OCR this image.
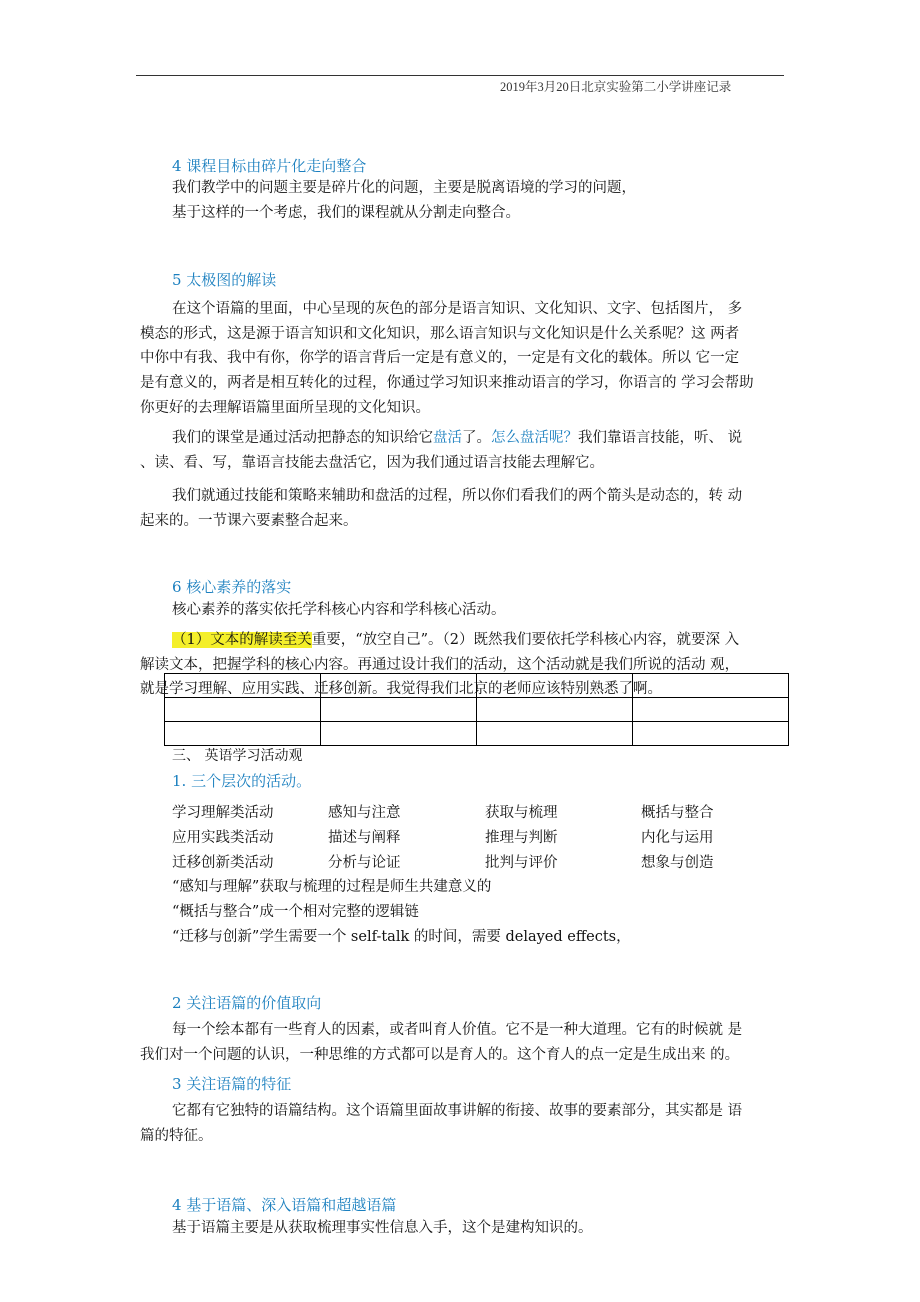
2019年3月20日北京实验第二小学讲座记录
4 课程目标由碎片化走向整合
我们教学中的问题主要是碎片化的问题，主要是脱离语境的学习的问题，
基于这样的一个考虑，我们的课程就从分割走向整合。
5 太极图的解读
在这个语篇的里面，中心呈现的灰色的部分是语言知识、文化知识、文字、包括图片， 多
模态的形式，这是源于语言知识和文化知识，那么语言知识与文化知识是什么关系呢？这 两者
中你中有我、我中有你，你学的语言背后一定是有意义的，一定是有文化的载体。所以 它一定
是有意义的，两者是相互转化的过程，你通过学习知识来推动语言的学习，你语言的 学习会帮助
你更好的去理解语篇里面所呈现的文化知识。
我们的课堂是通过活动把静态的知识给它盘活了。怎么盘活呢？我们靠语言技能，听、 说
、读、看、写，靠语言技能去盘活它，因为我们通过语言技能去理解它。
我们就通过技能和策略来辅助和盘活的过程，所以你们看我们的两个箭头是动态的，转 动
起来的。一节课六要素整合起来。
6 核心素养的落实
核心素养的落实依托学科核心内容和学科核心活动。
（1）文本的解读至关重要，“放空自己”。（2）既然我们要依托学科核心内容，就要深 入
解读文本，把握学科的核心内容。再通过设计我们的活动，这个活动就是我们所说的活动 观，

就是学习理解、应用实践、迁移创新。我觉得我们北京的老师应该特别熟悉了啊。
三、 英语学习活动观
1. 三个层次的活动。
学习理解类活动	感知与注意	获取与梳理	概括与整合
应用实践类活动	描述与阐释	推理与判断	内化与运用
迁移创新类活动	分析与论证	批判与评价	想象与创造
“感知与理解”获取与梳理的过程是师生共建意义的
“概括与整合”成一个相对完整的逻辑链
“迁移与创新”学生需要一个 self-talk 的时间，需要 delayed effects，
2 关注语篇的价值取向
每一个绘本都有一些育人的因素，或者叫育人价值。它不是一种大道理。它有的时候就 是
我们对一个问题的认识，一种思维的方式都可以是育人的。这个育人的点一定是生成出来 的。
3 关注语篇的特征
它都有它独特的语篇结构。这个语篇里面故事讲解的衔接、故事的要素部分，其实都是 语
篇的特征。
4 基于语篇、深入语篇和超越语篇
基于语篇主要是从获取梳理事实性信息入手，这个是建构知识的。
